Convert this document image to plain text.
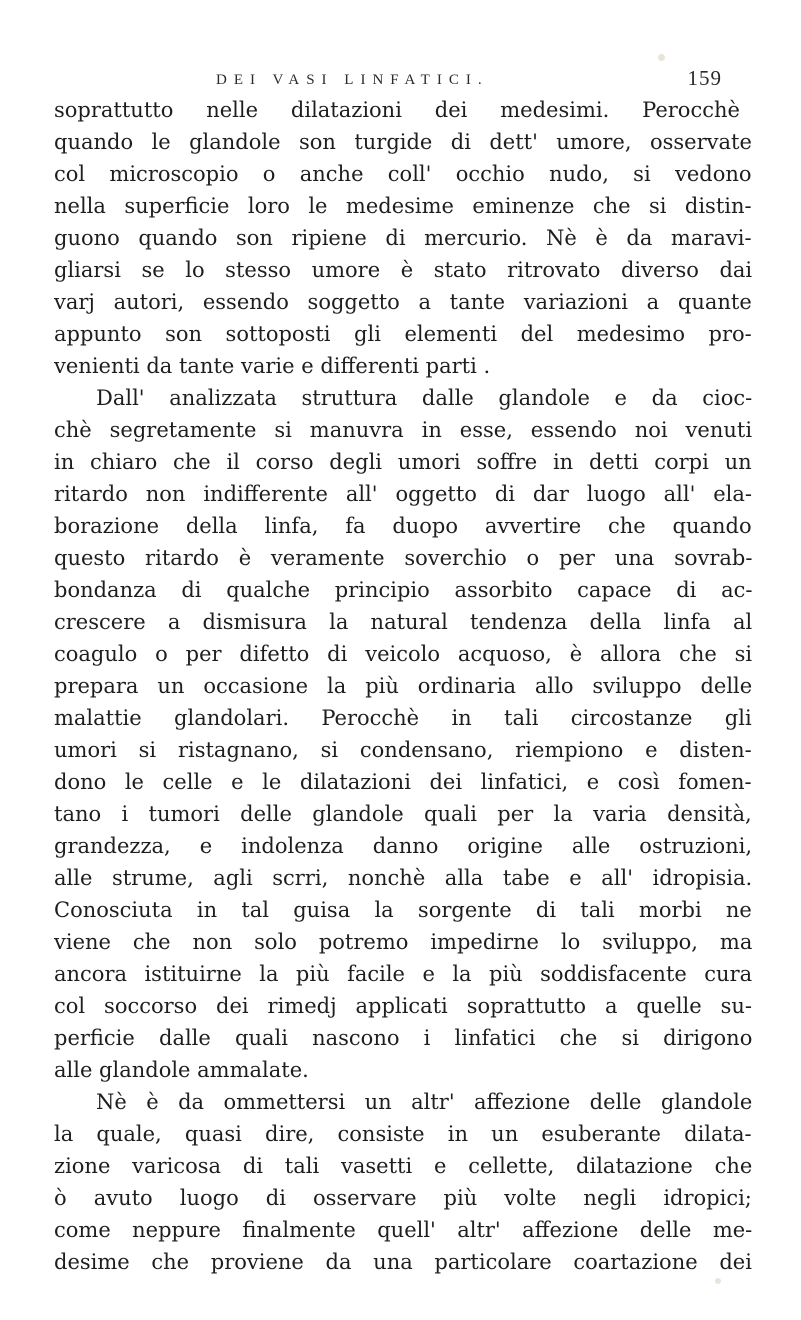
DEI VASI LINFATICI.	159
soprattutto nelle dilatazioni dei medesimi. Perocchè
quando le glandole son turgide di dett' umore, osservate
col microscopio o anche coll' occhio nudo, si vedono
nella superficie loro le medesime eminenze che si distin-
guono quando son ripiene di mercurio. Nè è da maravi-
gliarsi se lo stesso umore è stato ritrovato diverso dai
varj autori, essendo soggetto a tante variazioni a quante
appunto son sottoposti gli elementi del medesimo pro-
venienti da tante varie e differenti parti .
Dall' analizzata struttura dalle glandole e da cioc-
chè segretamente si manuvra in esse, essendo noi venuti
in chiaro che il corso degli umori soffre in detti corpi un
ritardo non indifferente all' oggetto di dar luogo all' ela-
borazione della linfa, fa duopo avvertire che quando
questo ritardo è veramente soverchio o per una sovrab-
bondanza di qualche principio assorbito capace di ac-
crescere a dismisura la natural tendenza della linfa al
coagulo o per difetto di veicolo acquoso, è allora che si
prepara un occasione la più ordinaria allo sviluppo delle
malattie glandolari. Perocchè in tali circostanze gli
umori si ristagnano, si condensano, riempiono e disten-
dono le celle e le dilatazioni dei linfatici, e così fomen-
tano i tumori delle glandole quali per la varia densità,
grandezza, e indolenza danno origine alle ostruzioni,
alle strume, agli scrri, nonchè alla tabe e all' idropisia.
Conosciuta in tal guisa la sorgente di tali morbi ne
viene che non solo potremo impedirne lo sviluppo, ma
ancora istituirne la più facile e la più soddisfacente cura
col soccorso dei rimedj applicati soprattutto a quelle su-
perficie dalle quali nascono i linfatici che si dirigono
alle glandole ammalate.
Nè è da ommettersi un altr' affezione delle glandole
la quale, quasi dire, consiste in un esuberante dilata-
zione varicosa di tali vasetti e cellette, dilatazione che
ò avuto luogo di osservare più volte negli idropici;
come neppure finalmente quell' altr' affezione delle me-
desime che proviene da una particolare coartazione dei
